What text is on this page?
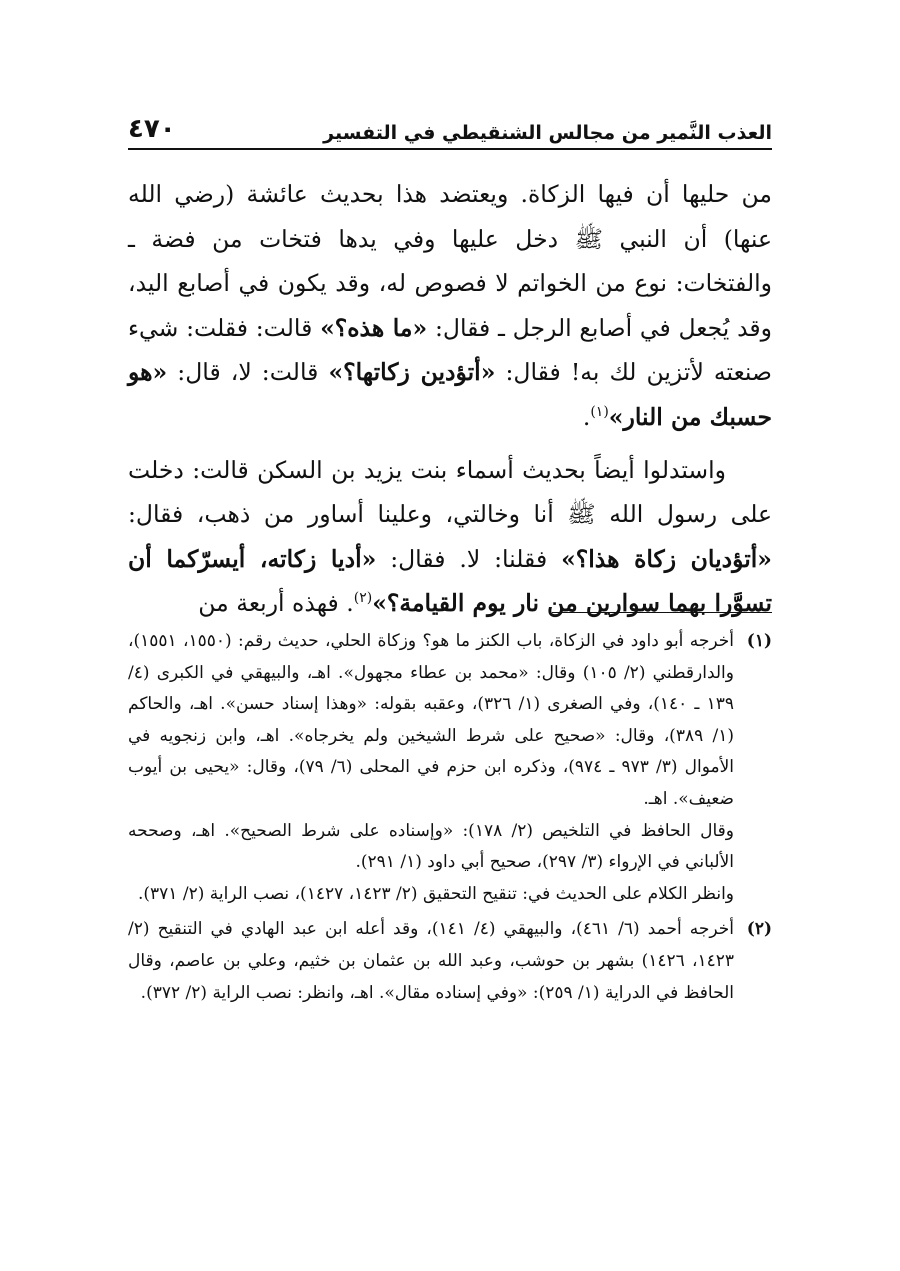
العذب النَّمير من مجالس الشنقيطي في التفسير
٤٧٠

من حليها أن فيها الزكاة. ويعتضد هذا بحديث عائشة (رضي الله عنها) أن النبي ﷺ دخل عليها وفي يدها فتخات من فضة ـ والفتخات: نوع من الخواتم لا فصوص له، وقد يكون في أصابع اليد، وقد يُجعل في أصابع الرجل ـ فقال: «ما هذه؟» قالت: فقلت: شيء صنعته لأتزين لك به! فقال: «أتؤدين زكاتها؟» قالت: لا، قال: «هو حسبك من النار»$^{(١)}$.

واستدلوا أيضاً بحديث أسماء بنت يزيد بن السكن قالت: دخلت على رسول الله ﷺ أنا وخالتي، وعلينا أساور من ذهب، فقال: «أتؤديان زكاة هذا؟» فقلنا: لا. فقال: «أديا زكاته، أيسرّكما أن تسوَّرا بهما سوارين من نار يوم القيامة؟»$^{(٢)}$. فهذه أربعة من

(١)

أخرجه أبو داود في الزكاة، باب الكنز ما هو؟ وزكاة الحلي، حديث رقم: (١٥٥٠، ١٥٥١)، والدارقطني (٢/ ١٠٥) وقال: «محمد بن عطاء مجهول». اهـ، والبيهقي في الكبرى (٤/ ١٣٩ ـ ١٤٠)، وفي الصغرى (١/ ٣٢٦)، وعقبه بقوله: «وهذا إسناد حسن». اهـ، والحاكم (١/ ٣٨٩)، وقال: «صحيح على شرط الشيخين ولم يخرجاه». اهـ، وابن زنجويه في الأموال (٣/ ٩٧٣ ـ ٩٧٤)، وذكره ابن حزم في المحلى (٦/ ٧٩)، وقال: «يحيى بن أيوب ضعيف». اهـ.

وقال الحافظ في التلخيص (٢/ ١٧٨): «وإسناده على شرط الصحيح». اهـ، وصححه الألباني في الإرواء (٣/ ٢٩٧)، صحيح أبي داود (١/ ٢٩١).

وانظر الكلام على الحديث في: تنقيح التحقيق (٢/ ١٤٢٣، ١٤٢٧)، نصب الراية (٢/ ٣٧١).

(٢)

أخرجه أحمد (٦/ ٤٦١)، والبيهقي (٤/ ١٤١)، وقد أعله ابن عبد الهادي في التنقيح (٢/ ١٤٢٣، ١٤٢٦) بشهر بن حوشب، وعبد الله بن عثمان بن خثيم، وعلي بن عاصم، وقال الحافظ في الدراية (١/ ٢٥٩): «وفي إسناده مقال». اهـ، وانظر: نصب الراية (٢/ ٣٧٢).
